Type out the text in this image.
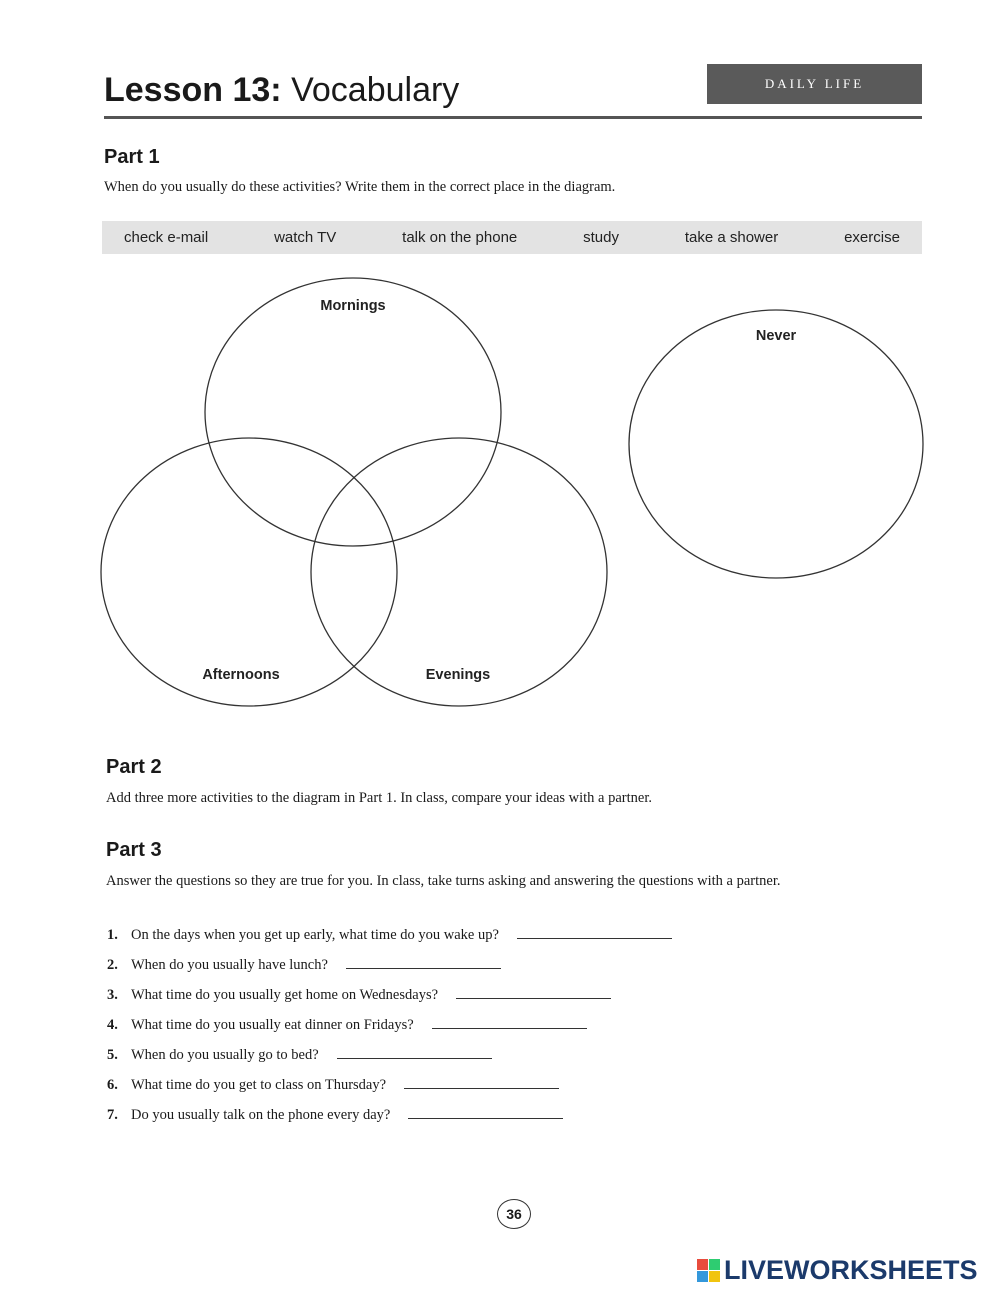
Lesson 13: Vocabulary	DAILY LIFE
Part 1
When do you usually do these activities? Write them in the correct place in the diagram.
check e-mail	watch TV	talk on the phone	study	take a shower	exercise
Mornings
Never
Afternoons	Evenings
Part 2
Add three more activities to the diagram in Part 1. In class, compare your ideas with a partner.
Part 3
Answer the questions so they are true for you. In class, take turns asking and answering the questions with a partner.
1. On the days when you get up early, what time do you wake up?
2. When do you usually have lunch?
3. What time do you usually get home on Wednesdays?
4. What time do you usually eat dinner on Fridays?
5. When do you usually go to bed?
6. What time do you get to class on Thursday?
7. Do you usually talk on the phone every day?
36
LIVEWORKSHEETS
